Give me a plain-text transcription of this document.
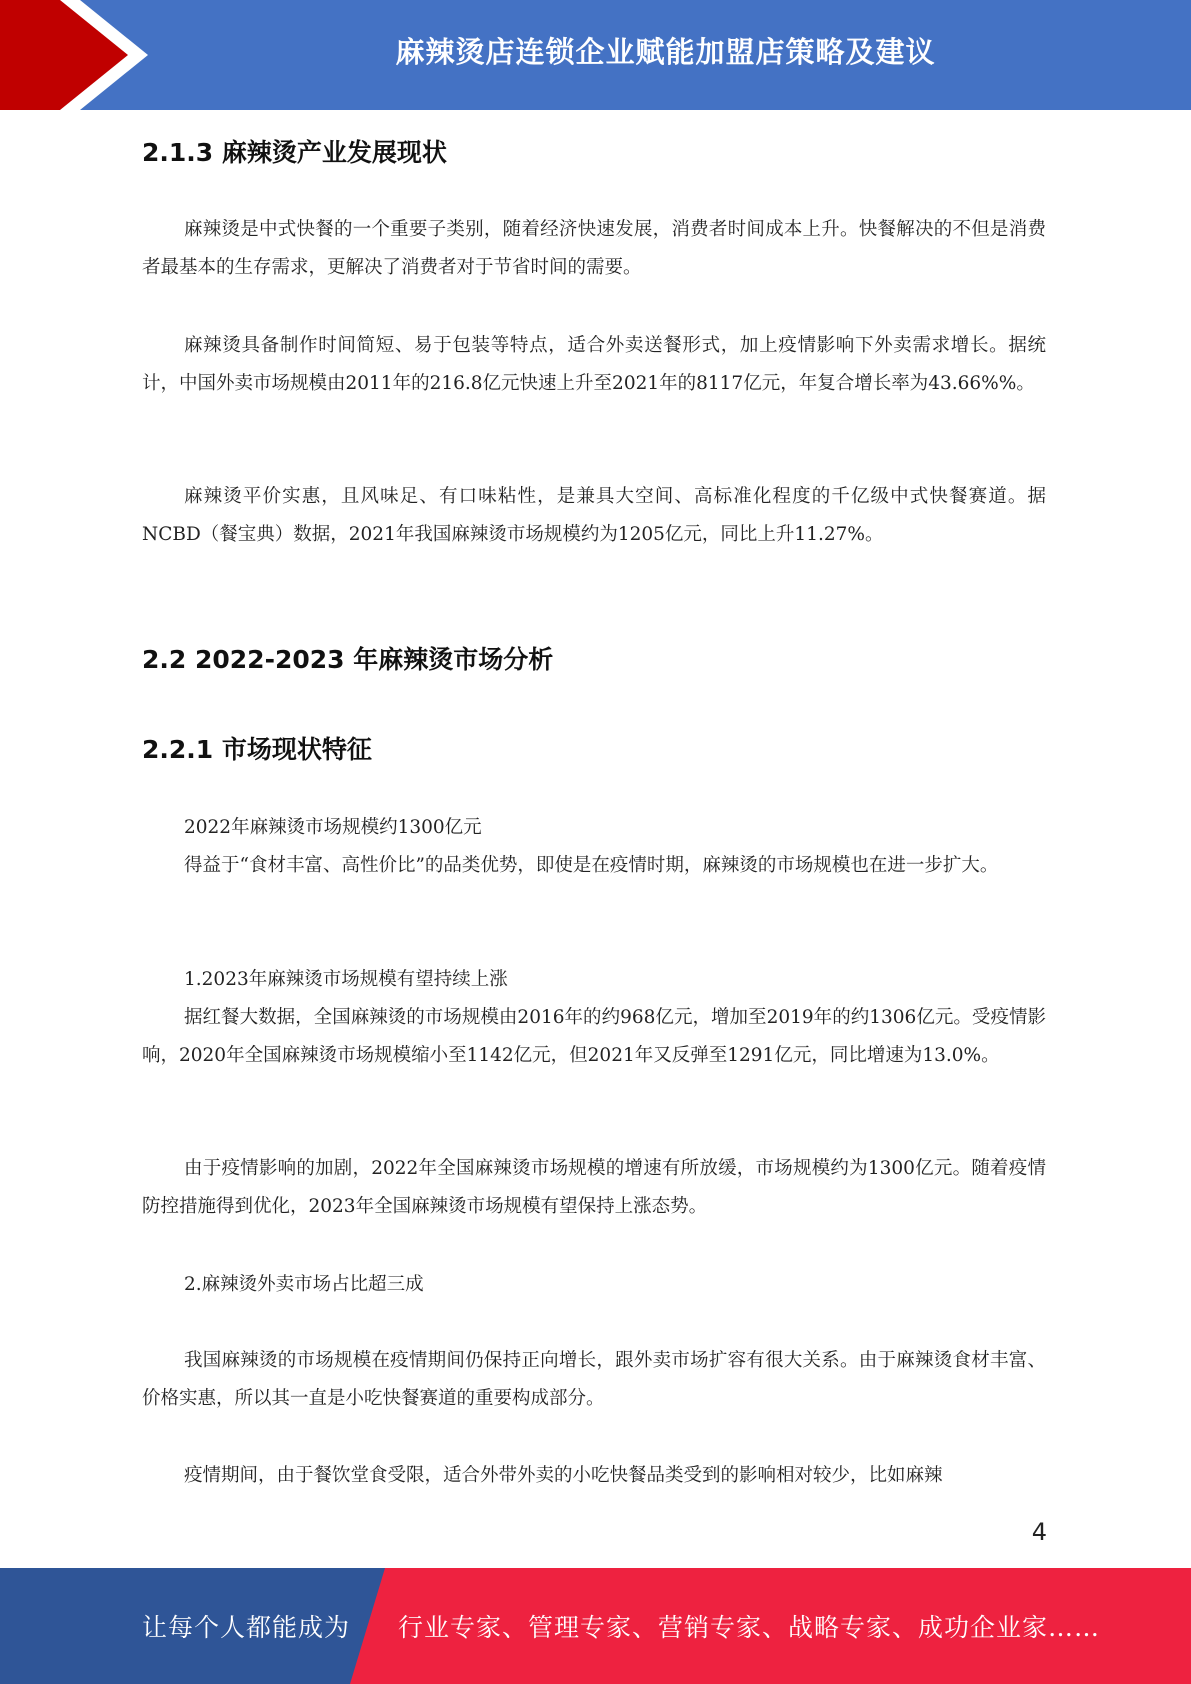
麻辣烫店连锁企业赋能加盟店策略及建议
2.1.3 麻辣烫产业发展现状

麻辣烫是中式快餐的一个重要子类别，随着经济快速发展，消费者时间成本上升。快餐解决的不但是消费者最基本的生存需求，更解决了消费者对于节省时间的需要。

麻辣烫具备制作时间简短、易于包装等特点，适合外卖送餐形式，加上疫情影响下外卖需求增长。据统计，中国外卖市场规模由2011年的216.8亿元快速上升至2021年的8117亿元，年复合增长率为43.66%%。

麻辣烫平价实惠，且风味足、有口味粘性，是兼具大空间、高标准化程度的千亿级中式快餐赛道。据NCBD（餐宝典）数据，2021年我国麻辣烫市场规模约为1205亿元，同比上升11.27%。

2.2 2022-2023 年麻辣烫市场分析
2.2.1 市场现状特征

2022年麻辣烫市场规模约1300亿元

得益于“食材丰富、高性价比”的品类优势，即使是在疫情时期，麻辣烫的市场规模也在进一步扩大。

1.2023年麻辣烫市场规模有望持续上涨

据红餐大数据，全国麻辣烫的市场规模由2016年的约968亿元，增加至2019年的约1306亿元。受疫情影响，2020年全国麻辣烫市场规模缩小至1142亿元，但2021年又反弹至1291亿元，同比增速为13.0%。

由于疫情影响的加剧，2022年全国麻辣烫市场规模的增速有所放缓，市场规模约为1300亿元。随着疫情防控措施得到优化，2023年全国麻辣烫市场规模有望保持上涨态势。

2.麻辣烫外卖市场占比超三成

我国麻辣烫的市场规模在疫情期间仍保持正向增长，跟外卖市场扩容有很大关系。由于麻辣烫食材丰富、价格实惠，所以其一直是小吃快餐赛道的重要构成部分。

疫情期间，由于餐饮堂食受限，适合外带外卖的小吃快餐品类受到的影响相对较少，比如麻辣

4
让每个人都能成为 行业专家、管理专家、营销专家、战略专家、成功企业家……
